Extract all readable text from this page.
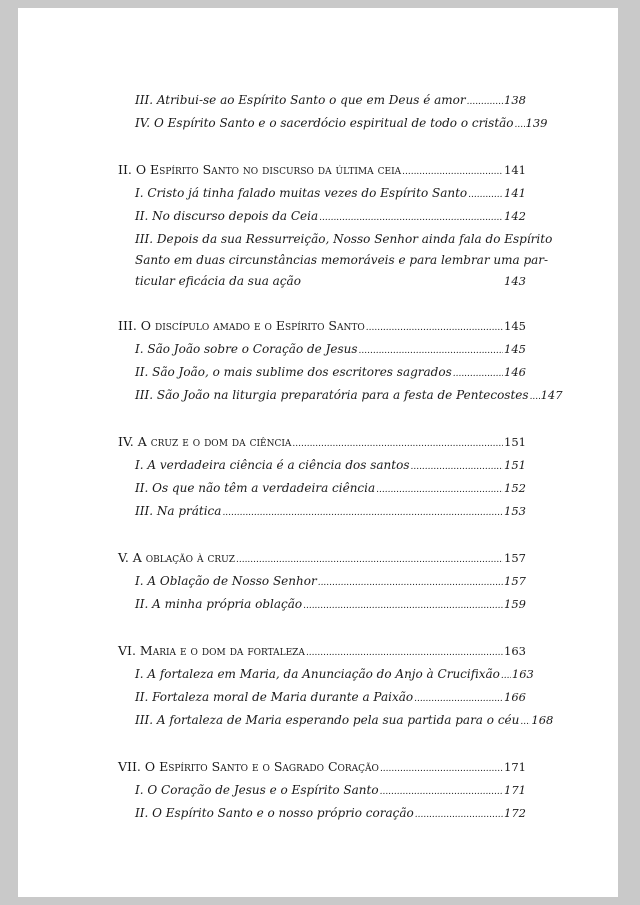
III. Atribui-se ao Espírito Santo o que em Deus é amor .....	138
IV. O Espírito Santo e o sacerdócio espiritual de todo o cristão ..... 139
II. O Espírito Santo no discurso da última ceia .....	141
I. Cristo já tinha falado muitas vezes do Espírito Santo .....	141
II. No discurso depois da Ceia .....	142
III. Depois da sua Ressurreição, Nosso Senhor ainda fala do Espírito
Santo em duas circunstâncias memoráveis e para lembrar uma par-
ticular eficácia da sua ação	143
III. O discípulo amado e o Espírito Santo .....	145
I. São João sobre o Coração de Jesus .....	145
II. São João, o mais sublime dos escritores sagrados .....	146
III. São João na liturgia preparatória para a festa de Pentecostes ..... 147
IV. A cruz e o dom da ciência .....	151
I. A verdadeira ciência é a ciência dos santos .....	151
II. Os que não têm a verdadeira ciência .....	152
III. Na prática .....	153
V. A oblação à cruz .....	157
I. A Oblação de Nosso Senhor .....	157
II. A minha própria oblação .....	159
VI. Maria e o dom da fortaleza .....	163
I. A fortaleza em Maria, da Anunciação do Anjo à Crucifixão ..... 163
II. Fortaleza moral de Maria durante a Paixão .....	166
III. A fortaleza de Maria esperando pela sua partida para o céu ..... 168
VII. O Espírito Santo e o Sagrado Coração .....	171
I. O Coração de Jesus e o Espírito Santo .....	171
II. O Espírito Santo e o nosso próprio coração .....	172
